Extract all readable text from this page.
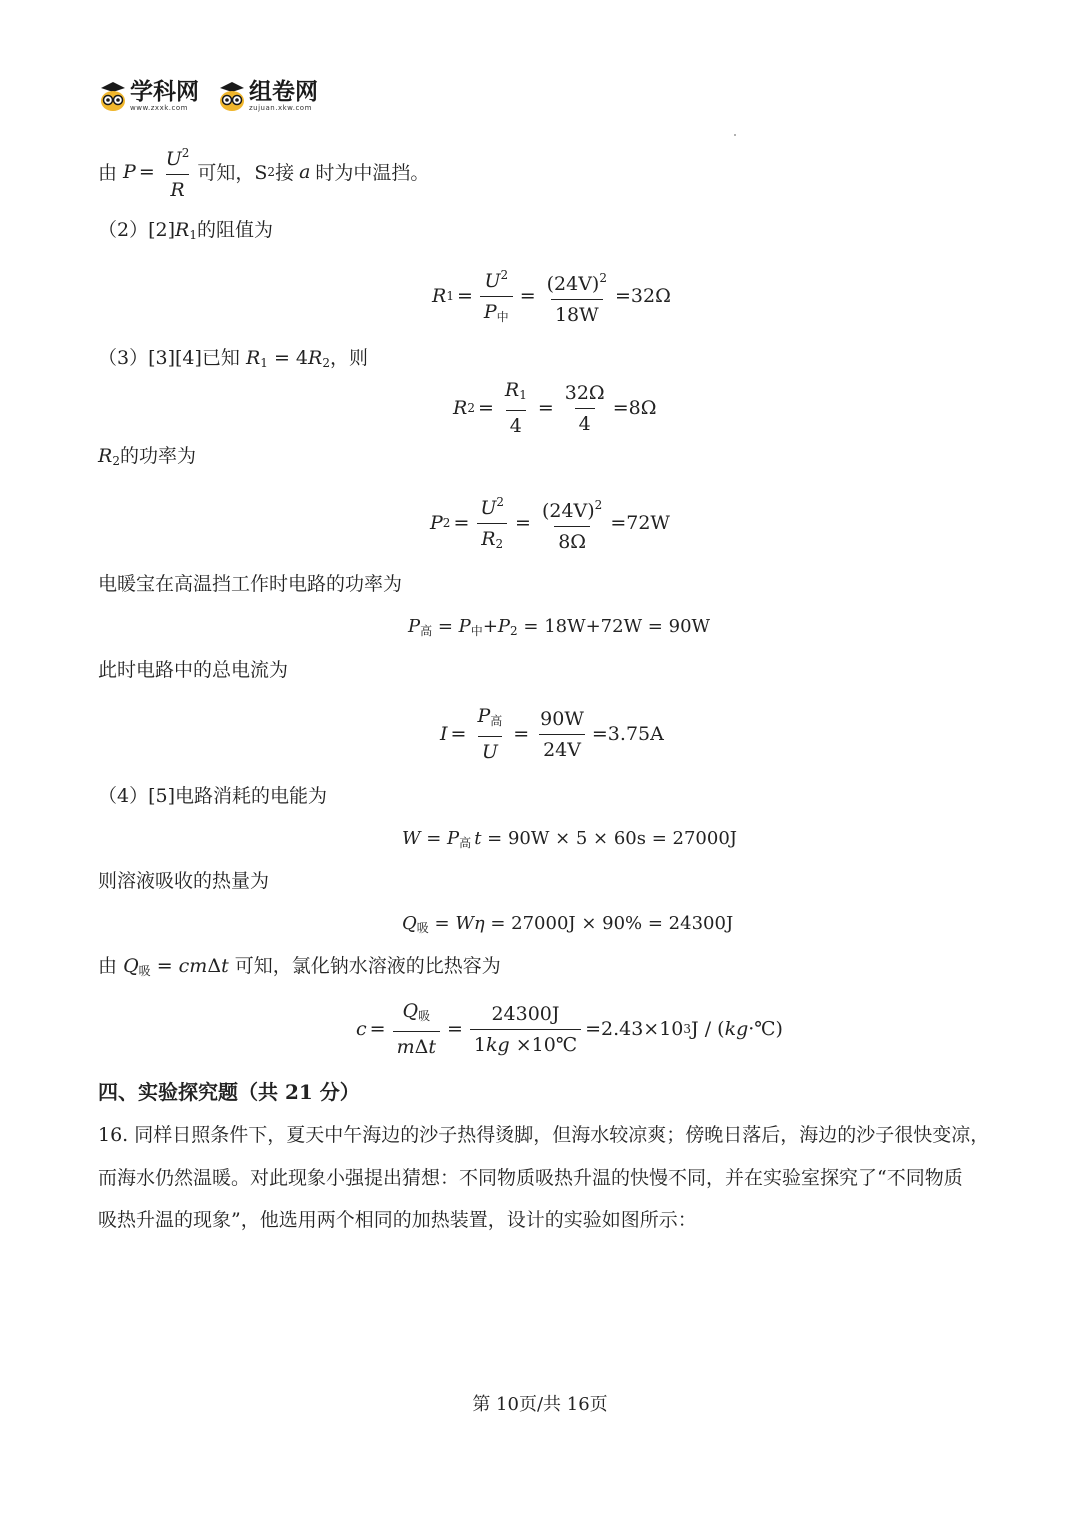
学科网
www.zxxk.com
组卷网
zujuan.xkw.com
由 $P = \frac{U^2}{R}$ 可知，S 2 接 a 时为中温挡。
$(2)[2]R_1$的阻值为
R $1 = \frac{U^2}{P_中} = \frac{(24V)^2}{18W} =32\Omega$
（3）[3][4]已知 $R_1 = 4R_2$，则
R $2 = \frac{R_1}{4} = \frac{32\Omega}{4} =8\Omega$
$R_2$的功率为
P $2 = \frac{U^2}{R_2} = \frac{(24V)^2}{8\Omega} =72W$
电暖宝在高温挡工作时电路的功率为
$P_高 = P_中+P_2 = 18W+72W = 90W$
此时电路中的总电流为
$I = \frac{P_高}{U} = \frac{90W}{24V} =3.75A$
（4）[5]电路消耗的电能为
$W = P_高$ t = 90W × 5 × 60s = 27000J
则溶液吸收的热量为
$Q_吸 = W\eta = 27000J \times 90\% = 24300J$
由 $Q_吸 = cm\Delta t$ 可知，氯化钠水溶液的比热容为
$c = \frac{Q_吸}{\text{mΔt}} = \frac{24300J}{1kg \times 10℃} =2.43\times 10$ 3 J / ( kg ·℃)
四、实验探究题（共 21 分）
16. 同样日照条件下，夏天中午海边的沙子热得烫脚，但海水较凉爽；傍晚日落后，海边的沙子很快变凉，
而海水仍然温暖。对此现象小强提出猜想：不同物质吸热升温的快慢不同，并在实验室探究了“不同物质
吸热升温的现象”，他选用两个相同的加热装置，设计的实验如图所示：
第 10页/共 16页
